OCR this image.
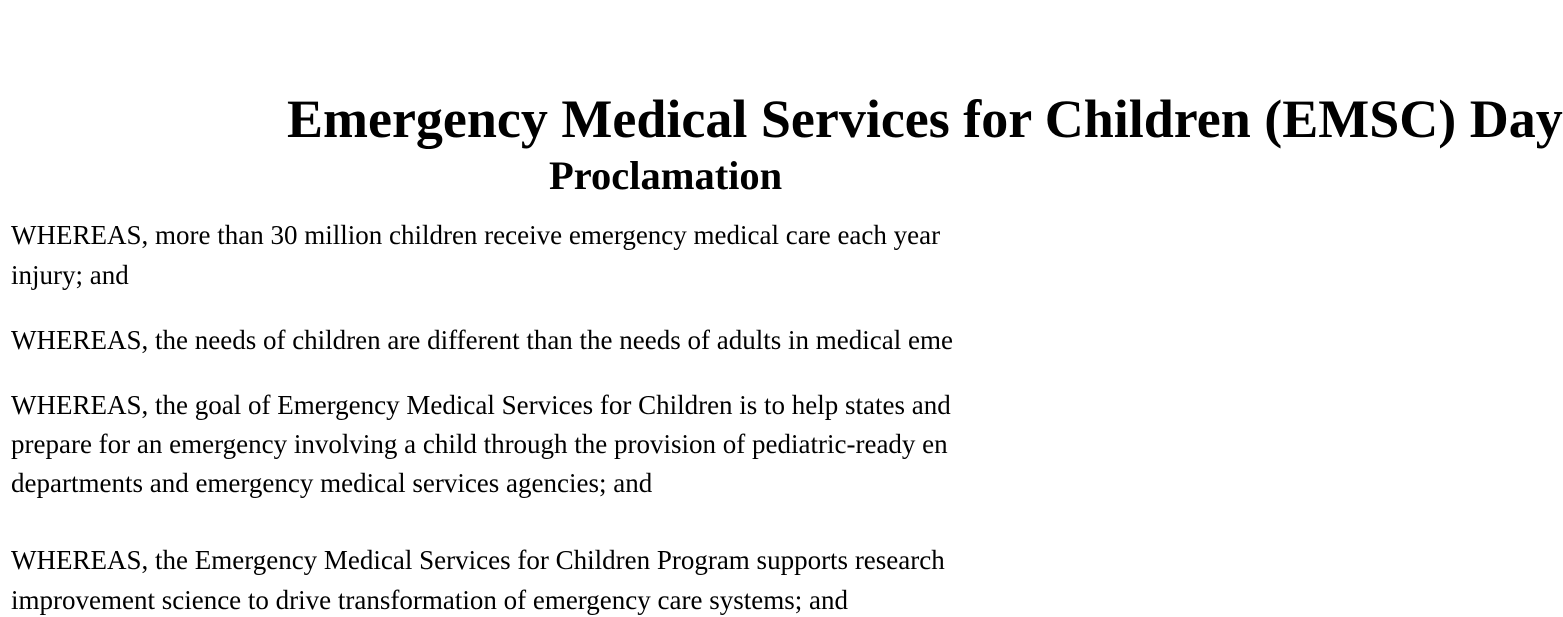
Emergency Medical Services for Children (EMSC) Day
Proclamation

WHEREAS, more than 30 million children receive emergency medical care each year

injury; and

WHEREAS, the needs of children are different than the needs of adults in medical eme

WHEREAS, the goal of Emergency Medical Services for Children is to help states and

prepare for an emergency involving a child through the provision of pediatric-ready en

departments and emergency medical services agencies; and

WHEREAS, the Emergency Medical Services for Children Program supports research

improvement science to drive transformation of emergency care systems; and
